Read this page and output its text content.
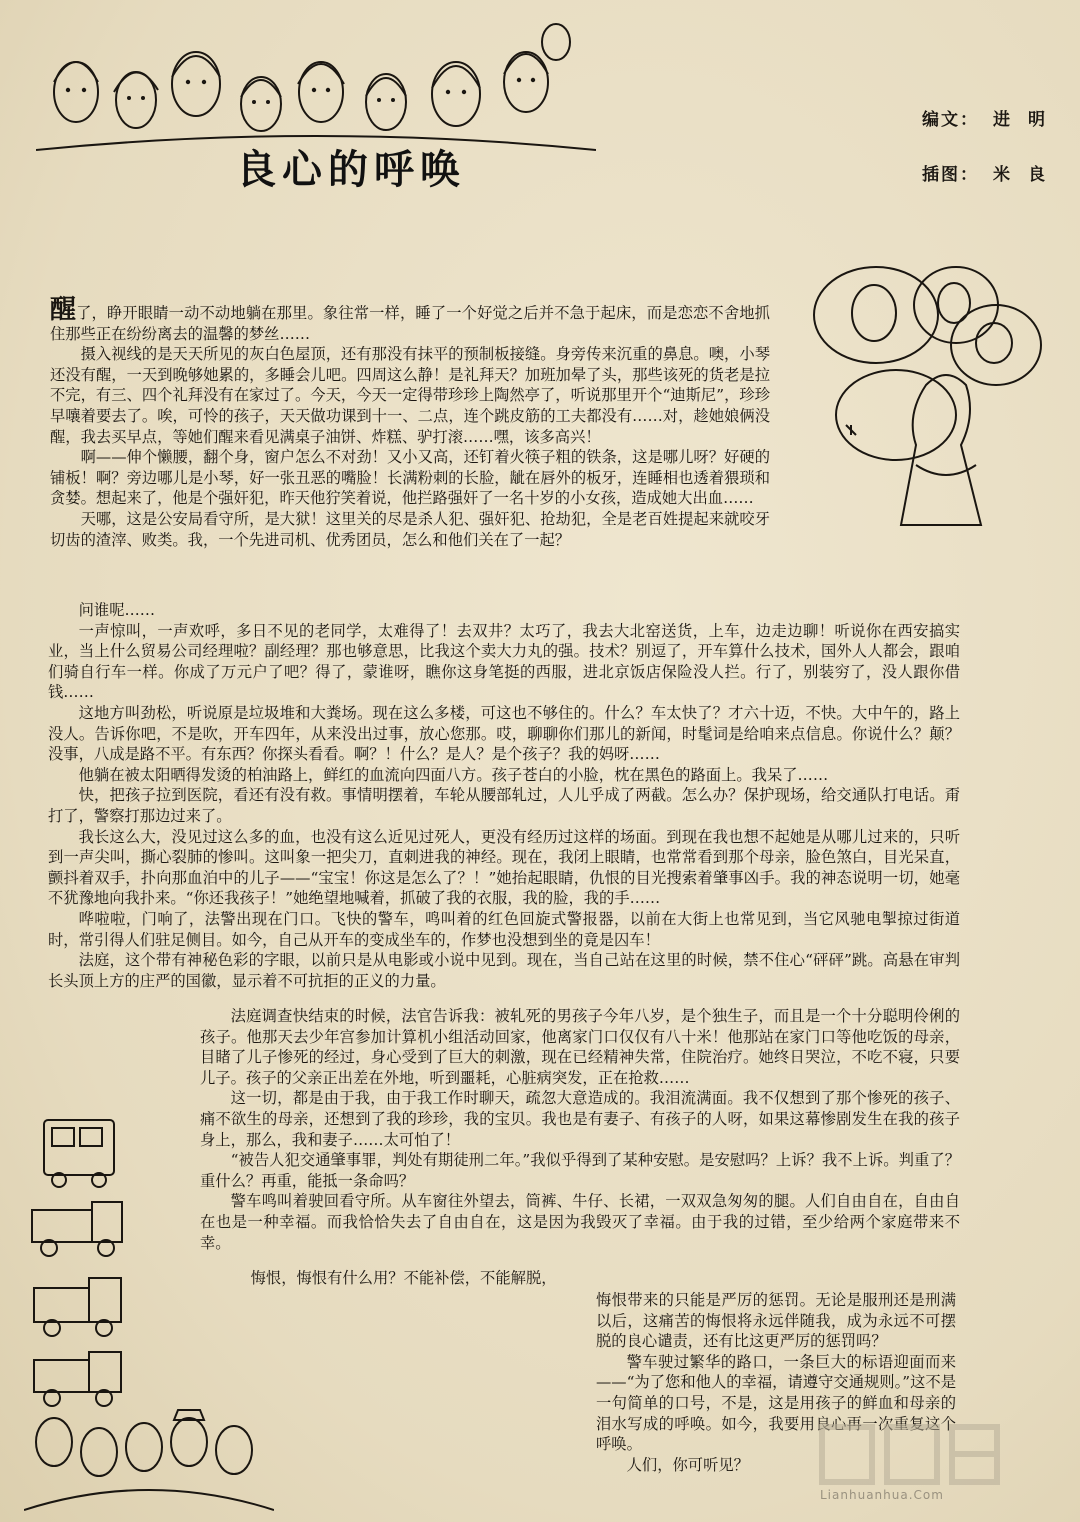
良心的呼唤
编文： 进明
插图： 米良

醒了，睁开眼睛一动不动地躺在那里。象往常一样，睡了一个好觉之后并不急于起床，而是恋恋不舍地抓住那些正在纷纷离去的温馨的梦丝……

摄入视线的是天天所见的灰白色屋顶，还有那没有抹平的预制板接缝。身旁传来沉重的鼻息。噢，小琴还没有醒，一天到晚够她累的，多睡会儿吧。四周这么静！是礼拜天？加班加晕了头，那些该死的货老是拉不完，有三、四个礼拜没有在家过了。今天，今天一定得带珍珍上陶然亭了，听说那里开个“迪斯尼”，珍珍早嚷着要去了。唉，可怜的孩子，天天做功课到十一、二点，连个跳皮筋的工夫都没有……对，趁她娘俩没醒，我去买早点，等她们醒来看见满桌子油饼、炸糕、驴打滚……嘿，该多高兴！

啊——伸个懒腰，翻个身，窗户怎么不对劲！又小又高，还钉着火筷子粗的铁条，这是哪儿呀？好硬的铺板！啊？旁边哪儿是小琴，好一张丑恶的嘴脸！长满粉刺的长脸，龇在唇外的板牙，连睡相也透着猥琐和贪婪。想起来了，他是个强奸犯，昨天他狞笑着说，他拦路强奸了一名十岁的小女孩，造成她大出血……

天哪，这是公安局看守所，是大狱！这里关的尽是杀人犯、强奸犯、抢劫犯，全是老百姓提起来就咬牙切齿的渣滓、败类。我，一个先进司机、优秀团员，怎么和他们关在了一起？

问谁呢……

一声惊叫，一声欢呼，多日不见的老同学，太难得了！去双井？太巧了，我去大北窑送货，上车，边走边聊！听说你在西安搞实业，当上什么贸易公司经理啦？副经理？那也够意思，比我这个卖大力丸的强。技术？别逗了，开车算什么技术，国外人人都会，跟咱们骑自行车一样。你成了万元户了吧？得了，蒙谁呀，瞧你这身笔挺的西服，进北京饭店保险没人拦。行了，别装穷了，没人跟你借钱……

这地方叫劲松，听说原是垃圾堆和大粪场。现在这么多楼，可这也不够住的。什么？车太快了？才六十迈，不快。大中午的，路上没人。告诉你吧，不是吹，开车四年，从来没出过事，放心您那。哎，聊聊你们那儿的新闻，时髦词是给咱来点信息。你说什么？颠？没事，八成是路不平。有东西？你探头看看。啊？！什么？是人？是个孩子？我的妈呀……

他躺在被太阳晒得发烫的柏油路上，鲜红的血流向四面八方。孩子苍白的小脸，枕在黑色的路面上。我呆了……

快，把孩子拉到医院，看还有没有救。事情明摆着，车轮从腰部轧过，人儿乎成了两截。怎么办？保护现场，给交通队打电话。甭打了，警察打那边过来了。

我长这么大，没见过这么多的血，也没有这么近见过死人，更没有经历过这样的场面。到现在我也想不起她是从哪儿过来的，只听到一声尖叫，撕心裂肺的惨叫。这叫象一把尖刀，直刺进我的神经。现在，我闭上眼睛，也常常看到那个母亲，脸色煞白，目光呆直，颤抖着双手，扑向那血泊中的儿子——“宝宝！你这是怎么了？！”她抬起眼睛，仇恨的目光搜索着肇事凶手。我的神态说明一切，她毫不犹豫地向我扑来。“你还我孩子！”她绝望地喊着，抓破了我的衣服，我的脸，我的手……

哗啦啦，门响了，法警出现在门口。飞快的警车，鸣叫着的红色回旋式警报器，以前在大街上也常见到，当它风驰电掣掠过街道时，常引得人们驻足侧目。如今，自己从开车的变成坐车的，作梦也没想到坐的竟是囚车！

法庭，这个带有神秘色彩的字眼，以前只是从电影或小说中见到。现在，当自己站在这里的时候，禁不住心“砰砰”跳。高悬在审判长头顶上方的庄严的国徽，显示着不可抗拒的正义的力量。

法庭调查快结束的时候，法官告诉我：被轧死的男孩子今年八岁，是个独生子，而且是一个十分聪明伶俐的孩子。他那天去少年宫参加计算机小组活动回家，他离家门口仅仅有八十米！他那站在家门口等他吃饭的母亲，目睹了儿子惨死的经过，身心受到了巨大的刺激，现在已经精神失常，住院治疗。她终日哭泣，不吃不寝，只要儿子。孩子的父亲正出差在外地，听到噩耗，心脏病突发，正在抢救……

这一切，都是由于我，由于我工作时聊天，疏忽大意造成的。我泪流满面。我不仅想到了那个惨死的孩子、痛不欲生的母亲，还想到了我的珍珍，我的宝贝。我也是有妻子、有孩子的人呀，如果这幕惨剧发生在我的孩子身上，那么，我和妻子……太可怕了！

“被告人犯交通肇事罪，判处有期徒刑二年。”我似乎得到了某种安慰。是安慰吗？上诉？我不上诉。判重了？重什么？再重，能抵一条命吗？

警车鸣叫着驶回看守所。从车窗往外望去，筒裤、牛仔、长裙，一双双急匆匆的腿。人们自由自在，自由自在也是一种幸福。而我恰恰失去了自由自在，这是因为我毁灭了幸福。由于我的过错，至少给两个家庭带来不幸。

悔恨，悔恨有什么用？不能补偿，不能解脱，

悔恨带来的只能是严厉的惩罚。无论是服刑还是刑满以后，这痛苦的悔恨将永远伴随我，成为永远不可摆脱的良心谴责，还有比这更严厉的惩罚吗？

警车驶过繁华的路口，一条巨大的标语迎面而来——“为了您和他人的幸福，请遵守交通规则。”这不是一句简单的口号，不是，这是用孩子的鲜血和母亲的泪水写成的呼唤。如今，我要用良心再一次重复这个呼唤。

人们，你可听见？

Lianhuanhua.Com
